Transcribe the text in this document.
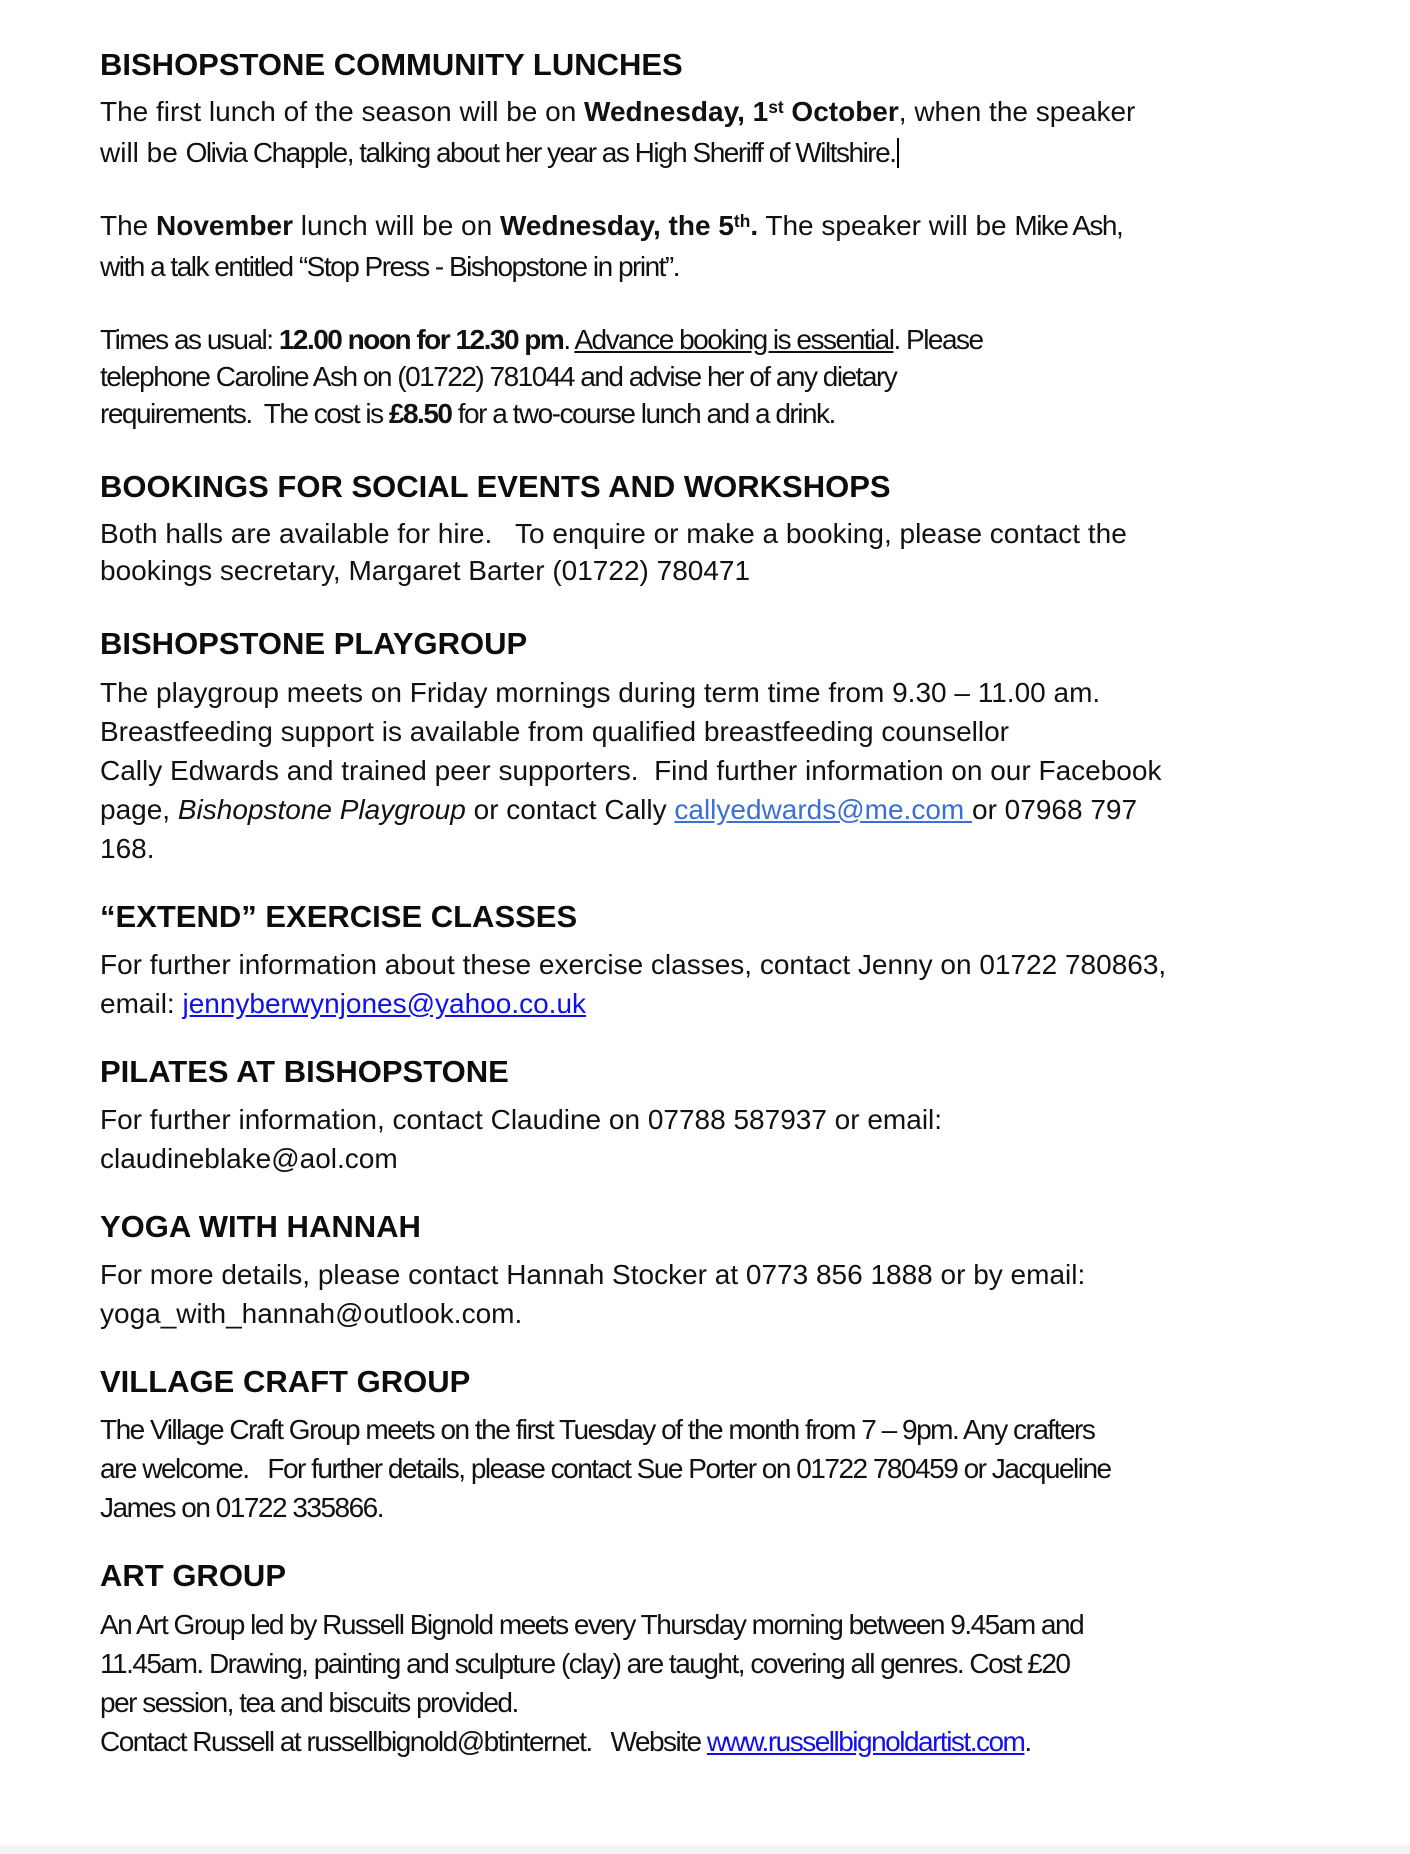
BISHOPSTONE COMMUNITY LUNCHES

The first lunch of the season will be on Wednesday, 1st October, when the speaker
will be Olivia Chapple, talking about her year as High Sheriff of Wiltshire.

The November lunch will be on Wednesday, the 5th. The speaker will be Mike Ash,
with a talk entitled “Stop Press - Bishopstone in print”.

Times as usual: 12.00 noon for 12.30 pm. Advance booking is essential. Please
telephone Caroline Ash on (01722) 781044 and advise her of any dietary
requirements.  The cost is £8.50 for a two-course lunch and a drink.

BOOKINGS FOR SOCIAL EVENTS AND WORKSHOPS

Both halls are available for hire.   To enquire or make a booking, please contact the
bookings secretary, Margaret Barter (01722) 780471

BISHOPSTONE PLAYGROUP

The playgroup meets on Friday mornings during term time from 9.30 – 11.00 am.
Breastfeeding support is available from qualified breastfeeding counsellor
Cally Edwards and trained peer supporters.  Find further information on our Facebook
page, Bishopstone Playgroup or contact Cally callyedwards@me.com or 07968 797
168.

“EXTEND” EXERCISE CLASSES

For further information about these exercise classes, contact Jenny on 01722 780863,
email: jennyberwynjones@yahoo.co.uk

PILATES AT BISHOPSTONE

For further information, contact Claudine on 07788 587937 or email:
claudineblake@aol.com

YOGA WITH HANNAH

For more details, please contact Hannah Stocker at 0773 856 1888 or by email:
yoga_with_hannah@outlook.com.

VILLAGE CRAFT GROUP

The Village Craft Group meets on the first Tuesday of the month from 7 – 9pm. Any crafters
are welcome.   For further details, please contact Sue Porter on 01722 780459 or Jacqueline
James on 01722 335866.

ART GROUP

An Art Group led by Russell Bignold meets every Thursday morning between 9.45am and
11.45am. Drawing, painting and sculpture (clay) are taught, covering all genres. Cost £20
per session, tea and biscuits provided.
Contact Russell at russellbignold@btinternet.   Website www.russellbignoldartist.com.
